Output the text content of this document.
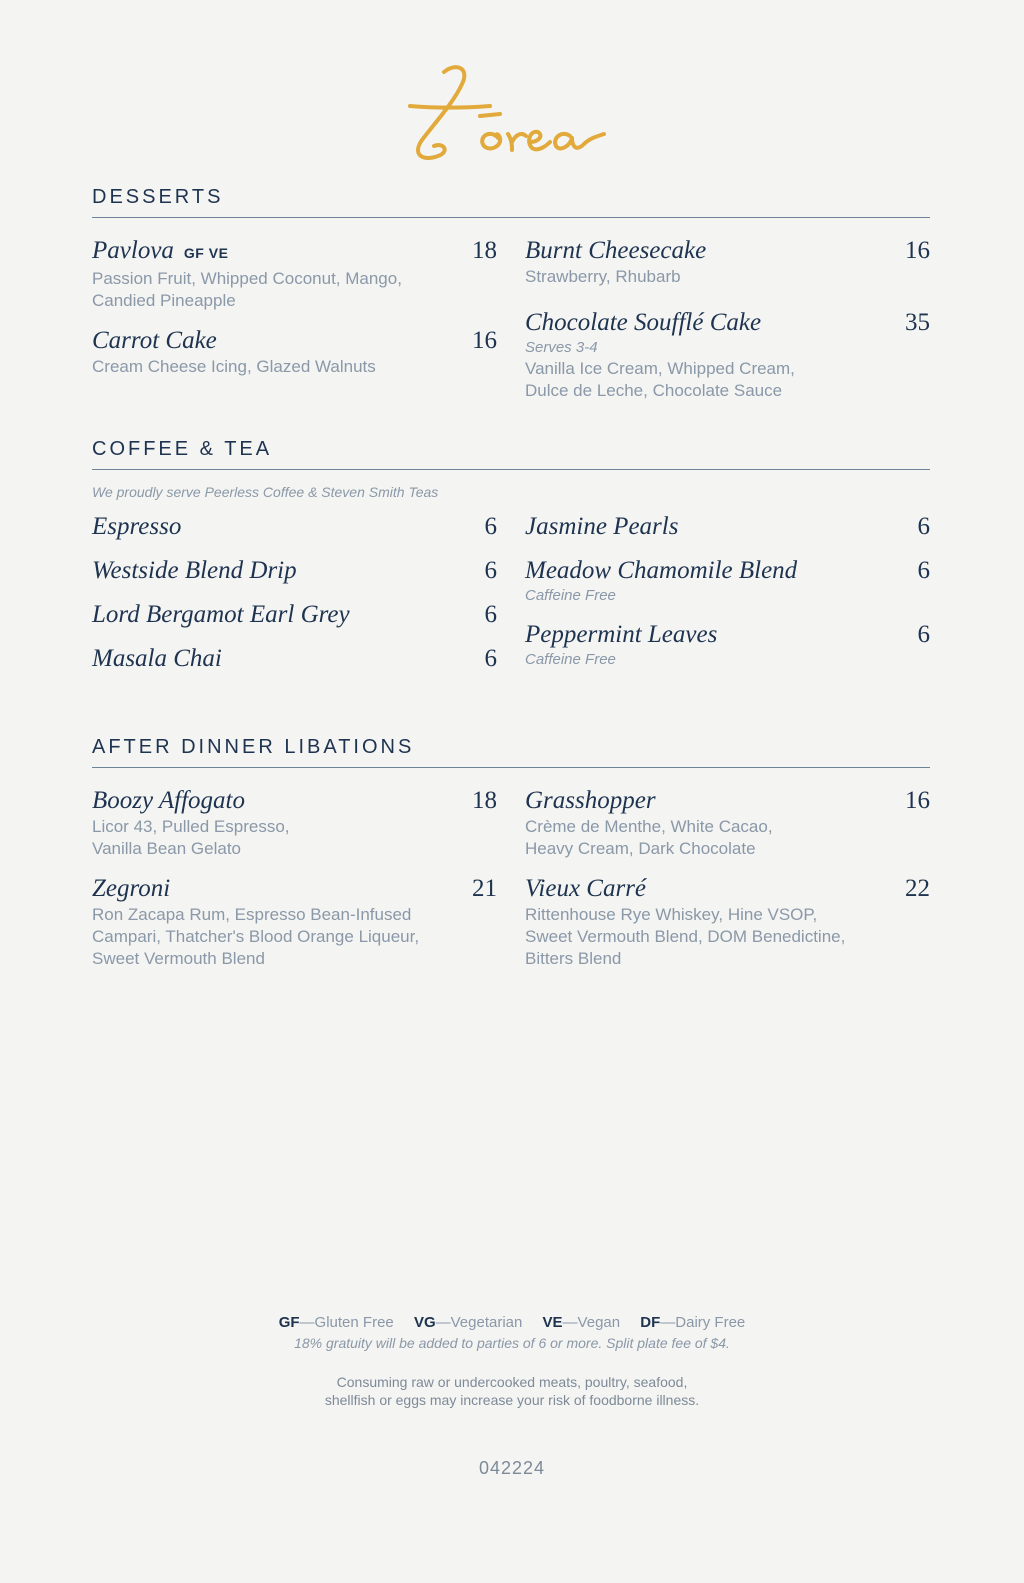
DESSERTS
Pavlova GF VE	18
Passion Fruit, Whipped Coconut, Mango,
Candied Pineapple
Carrot Cake	16
Cream Cheese Icing, Glazed Walnuts
Burnt Cheesecake	16
Strawberry, Rhubarb
Chocolate Soufflé Cake	35
Serves 3-4
Vanilla Ice Cream, Whipped Cream,
Dulce de Leche, Chocolate Sauce
COFFEE & TEA
We proudly serve Peerless Coffee & Steven Smith Teas
Espresso	6
Westside Blend Drip	6
Lord Bergamot Earl Grey	6
Masala Chai	6
Jasmine Pearls	6
Meadow Chamomile Blend	6
Caffeine Free
Peppermint Leaves	6
Caffeine Free
AFTER DINNER LIBATIONS
Boozy Affogato	18
Licor 43, Pulled Espresso,
Vanilla Bean Gelato
Zegroni	21
Ron Zacapa Rum, Espresso Bean-Infused
Campari, Thatcher's Blood Orange Liqueur,
Sweet Vermouth Blend
Grasshopper	16
Crème de Menthe, White Cacao,
Heavy Cream, Dark Chocolate
Vieux Carré	22
Rittenhouse Rye Whiskey, Hine VSOP,
Sweet Vermouth Blend, DOM Benedictine,
Bitters Blend
GF—Gluten Free VG—Vegetarian VE—Vegan DF—Dairy Free
18% gratuity will be added to parties of 6 or more. Split plate fee of $4.
Consuming raw or undercooked meats, poultry, seafood,
shellfish or eggs may increase your risk of foodborne illness.
042224
